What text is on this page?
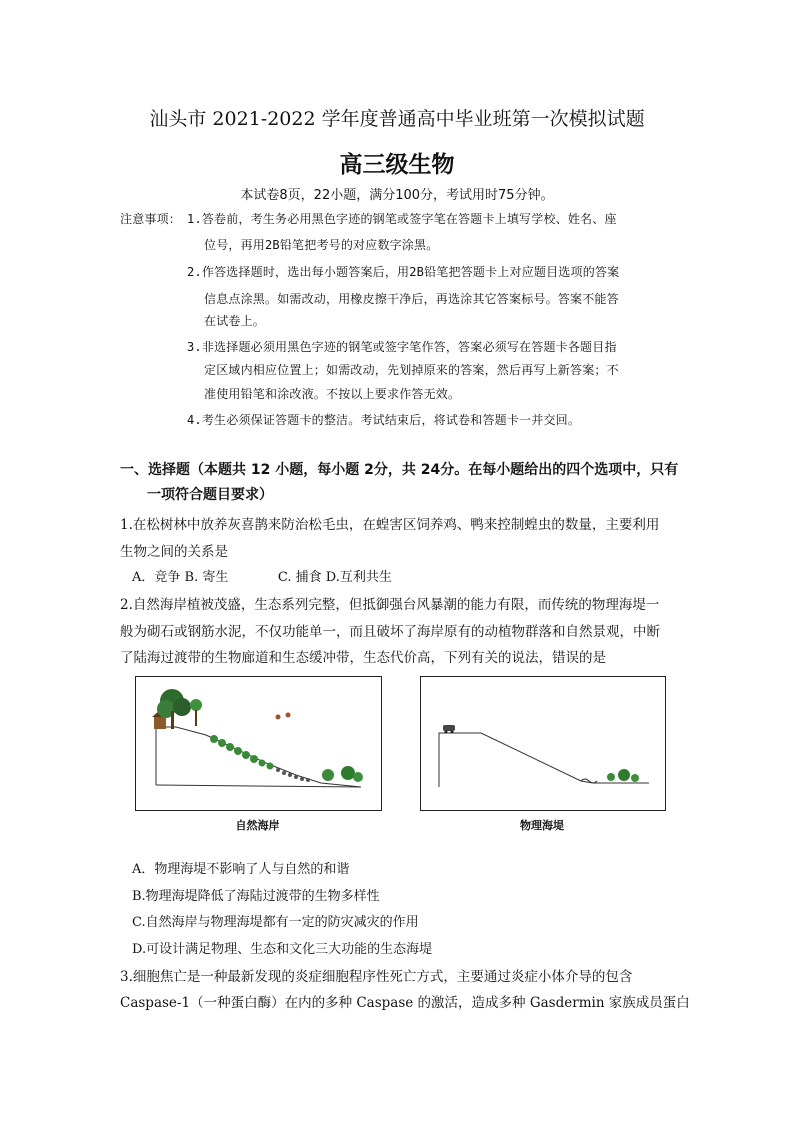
汕头市 2021-2022 学年度普通高中毕业班第一次模拟试题
高三级生物
本试卷8页，22小题，满分100分，考试用时75分钟。
注意事项： 1.答卷前，考生务必用黑色字迹的钢笔或签字笔在答题卡上填写学校、姓名、座
位号，再用2B铅笔把考号的对应数字涂黑。
2.作答选择题时，选出每小题答案后，用2B铅笔把答题卡上对应题目选项的答案
信息点涂黑。如需改动，用橡皮擦干净后，再选涂其它答案标号。答案不能答
在试卷上。
3.非选择题必须用黑色字迹的钢笔或签字笔作答，答案必须写在答题卡各题目指
定区域内相应位置上；如需改动，先划掉原来的答案，然后再写上新答案；不
准使用铅笔和涂改液。不按以上要求作答无效。
4.考生必须保证答题卡的整洁。考试结束后，将试卷和答题卡一并交回。
一、选择题（本题共 12 小题，每小题 2分，共 24分。在每小题给出的四个选项中，只有
一项符合题目要求）
1.在松树林中放养灰喜鹊来防治松毛虫，在蝗害区饲养鸡、鸭来控制蝗虫的数量，主要利用
生物之间的关系是
A．竞争 B. 寄生            C. 捕食 D.互利共生
2.自然海岸植被茂盛，生态系列完整，但抵御强台风暴潮的能力有限，而传统的物理海堤一
般为砌石或钢筋水泥，不仅功能单一，而且破坏了海岸原有的动植物群落和自然景观，中断
了陆海过渡带的生物廊道和生态缓冲带，生态代价高，下列有关的说法，错误的是
自然海岸	物理海堤
A．物理海堤不影响了人与自然的和谐
B.物理海堤降低了海陆过渡带的生物多样性
C.自然海岸与物理海堤都有一定的防灾减灾的作用
D.可设计满足物理、生态和文化三大功能的生态海堤
3.细胞焦亡是一种最新发现的炎症细胞程序性死亡方式，主要通过炎症小体介导的包含
Caspase-1（一种蛋白酶）在内的多种 Caspase 的激活，造成多种 Gasdermin 家族成员蛋白
